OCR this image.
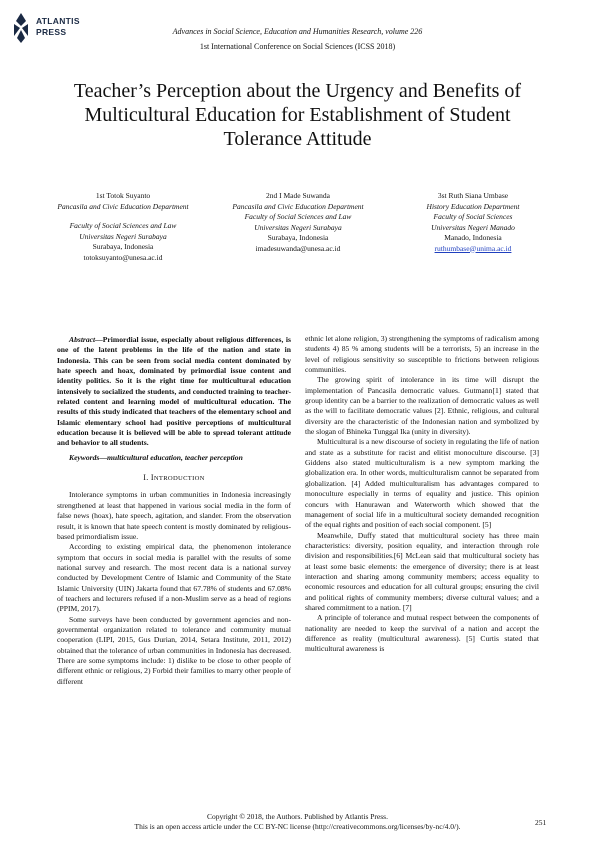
ATLANTIS
PRESS	Advances in Social Science, Education and Humanities Research, volume 226
1st International Conference on Social Sciences (ICSS 2018)
Teacher’s Perception about the Urgency and Benefits of Multicultural Education for Establishment of Student Tolerance Attitude
1st Totok Suyanto
Pancasila and Civic Education Department
Faculty of Social Sciences and Law
Universitas Negeri Surabaya
Surabaya, Indonesia
totoksuyanto@unesa.ac.id
2nd I Made Suwanda
Pancasila and Civic Education Department
Faculty of Social Sciences and Law
Universitas Negeri Surabaya
Surabaya, Indonesia
imadesuwanda@unesa.ac.id
3st Ruth Siana Umbase
History Education Department
Faculty of Social Sciences
Universitas Negeri Manado
Manado, Indonesia
ruthumbase@unima.ac.id

Abstract—Primordial issue, especially about religious differences, is one of the latent problems in the life of the nation and state in Indonesia. This can be seen from social media content dominated by hate speech and hoax, dominated by primordial issue content and identity politics. So it is the right time for multicultural education intensively to socialized the students, and conducted training to teacher-related content and learning model of multicultural education. The results of this study indicated that teachers of the elementary school and Islamic elementary school had positive perceptions of multicultural education because it is believed will be able to spread tolerant attitude and behavior to all students.

Keywords—multicultural education, teacher perception

I. INTRODUCTION

Intolerance symptoms in urban communities in Indonesia increasingly strengthened at least that happened in various social media in the form of false news (hoax), hate speech, agitation, and slander. From the observation result, it is known that hate speech content is mostly dominated by religious-based primordialism issue.

According to existing empirical data, the phenomenon intolerance symptom that occurs in social media is parallel with the results of some national survey and research. The most recent data is a national survey conducted by Development Centre of Islamic and Community of the State Islamic University (UIN) Jakarta found that 67.78% of students and 67.08% of teachers and lecturers refused if a non-Muslim serve as a head of regions (PPIM, 2017).

Some surveys have been conducted by government agencies and non-governmental organization related to tolerance and community mutual cooperation (LIPI, 2015, Gus Durian, 2014, Setara Institute, 2011, 2012) obtained that the tolerance of urban communities in Indonesia has decreased. There are some symptoms include: 1) dislike to be close to other people of different ethnic or religious, 2) Forbid their families to marry other people of different

ethnic let alone religion, 3) strengthening the symptoms of radicalism among students 4) 85 % among students will be a terrorists, 5) an increase in the level of religious sensitivity so susceptible to frictions between religious communities.

The growing spirit of intolerance in its time will disrupt the implementation of Pancasila democratic values. Gutmann[1] stated that group identity can be a barrier to the realization of democratic values as well as the will to facilitate democratic values [2]. Ethnic, religious, and cultural diversity are the characteristic of the Indonesian nation and symbolized by the slogan of Bhineka Tunggal Ika (unity in diversity).

Multicultural is a new discourse of society in regulating the life of nation and state as a substitute for racist and elitist monoculture discourse. [3] Giddens also stated multiculturalism is a new symptom marking the globalization era. In other words, multiculturalism cannot be separated from globalization. [4] Added multiculturalism has advantages compared to monoculture especially in terms of equality and justice. This opinion concurs with Hanurawan and Waterworth which showed that the management of social life in a multicultural society demanded recognition of the equal rights and position of each social component. [5]

Meanwhile, Duffy stated that multicultural society has three main characteristics: diversity, position equality, and interaction through role division and responsibilities.[6] McLean said that multicultural society has at least some basic elements: the emergence of diversity; there is at least interaction and sharing among community members; access equality to economic resources and education for all cultural groups; ensuring the civil and political rights of community members; diverse cultural values; and a shared commitment to a nation. [7]

A principle of tolerance and mutual respect between the components of nationality are needed to keep the survival of a nation and accept the difference as reality (multicultural awareness). [5] Curtis stated that multicultural awareness is

Copyright © 2018, the Authors. Published by Atlantis Press.
This is an open access article under the CC BY-NC license (http://creativecommons.org/licenses/by-nc/4.0/).	251
